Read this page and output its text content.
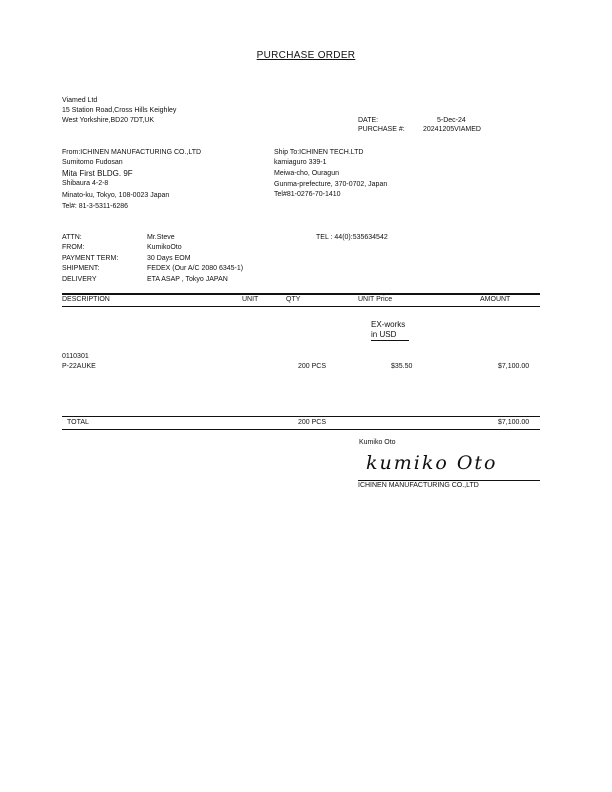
PURCHASE ORDER
Viamed Ltd
15 Station Road,Cross Hills Keighley
West Yorkshire,BD20 7DT,UK	DATE:	5-Dec-24
PURCHASE #:	20241205VIAMED
From:ICHINEN MANUFACTURING CO.,LTD
Sumitomo Fudosan
Mita First BLDG. 9F
Shibaura 4-2-8
Minato-ku, Tokyo, 108-0023 Japan
Tel#: 81-3-5311-6286
Ship To:ICHINEN TECH.LTD
kamiaguro 339-1
Meiwa-cho, Ouragun
Gunma-prefecture, 370-0702, Japan
Tel#81-0276-70-1410
ATTN:	Mr.Steve	TEL : 44(0):535634542
FROM:	KumikoOto
PAYMENT TERM:	30 Days EOM
SHIPMENT:	FEDEX (Our A/C 2080 6345-1)
DELIVERY	ETA ASAP , Tokyo JAPAN
DESCRIPTION	UNIT	QTY	UNIT Price	AMOUNT
EX-works
in USD
0110301
P-22AUKE	200 PCS	$35.50	$7,100.00
TOTAL	200 PCS	$7,100.00
Kumiko Oto
kumiko Oto
ICHINEN MANUFACTURING CO.,LTD
